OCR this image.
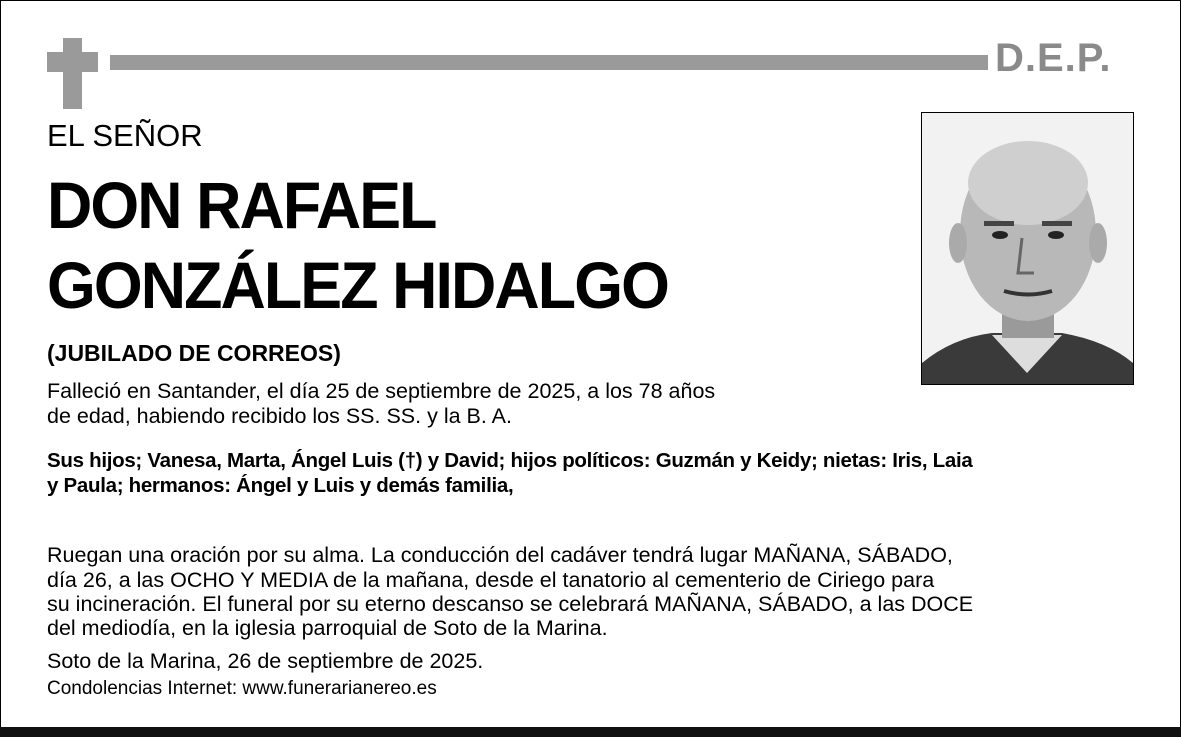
D.E.P.
EL SEÑOR
DON RAFAEL
GONZÁLEZ HIDALGO
(JUBILADO DE CORREOS)
Falleció en Santander, el día 25 de septiembre de 2025, a los 78 años
de edad, habiendo recibido los SS. SS. y la B. A.
Sus hijos; Vanesa, Marta, Ángel Luis (†) y David; hijos políticos: Guzmán y Keidy; nietas: Iris, Laia
y Paula; hermanos: Ángel y Luis y demás familia,
Ruegan una oración por su alma. La conducción del cadáver tendrá lugar MAÑANA, SÁBADO,
día 26, a las OCHO Y MEDIA de la mañana, desde el tanatorio al cementerio de Ciriego para
su incineración. El funeral por su eterno descanso se celebrará MAÑANA, SÁBADO, a las DOCE
del mediodía, en la iglesia parroquial de Soto de la Marina.
Soto de la Marina, 26 de septiembre de 2025.
Condolencias Internet: www.funerarianereo.es
